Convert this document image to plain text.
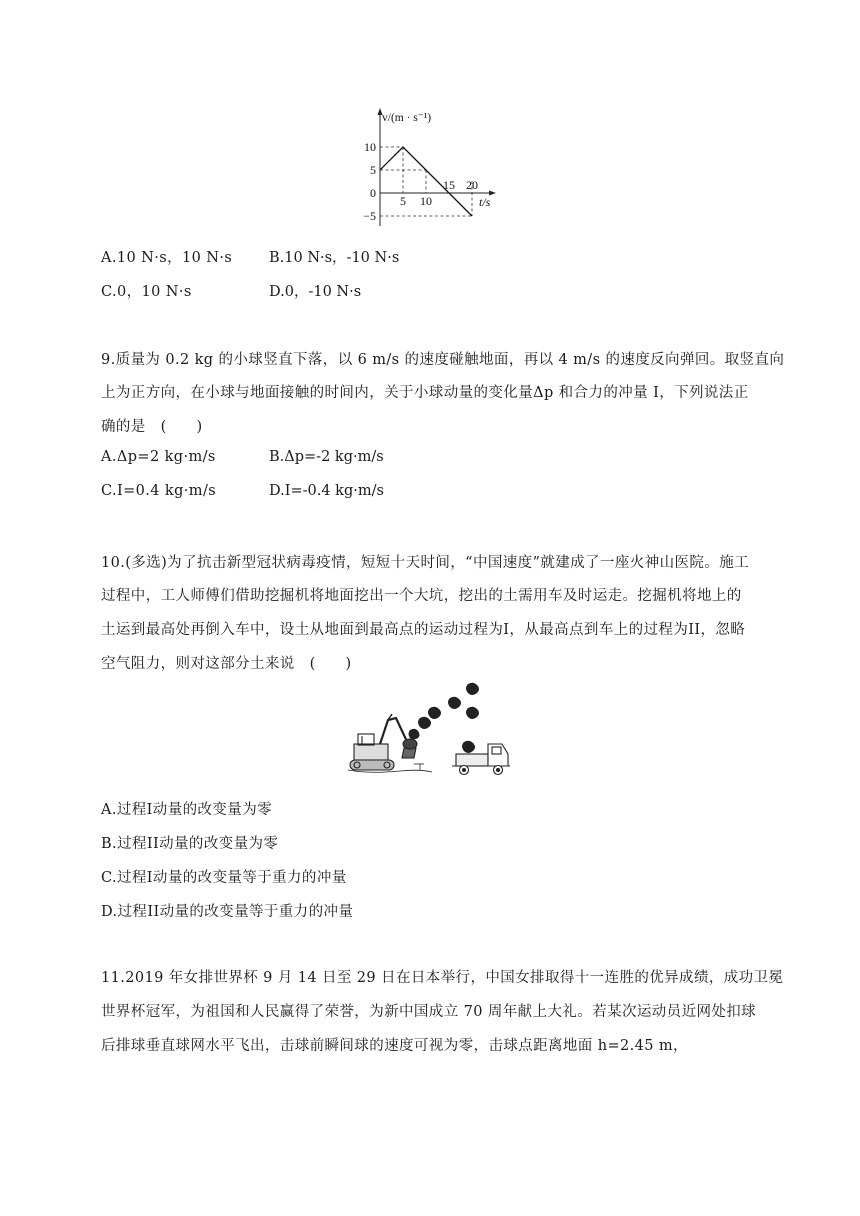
v/(m · s⁻¹)
t/s
10
5
0
−5
5 10
15 20
A.10 N·s，10 N·s	B.10 N·s，-10 N·s
C.0，10 N·s	D.0，-10 N·s
9.质量为 0.2 kg 的小球竖直下落，以 6 m/s 的速度碰触地面，再以 4 m/s 的速度反向弹回。取竖直向
上为正方向，在小球与地面接触的时间内，关于小球动量的变化量Δp 和合力的冲量 I，下列说法正
确的是　(　　)
A.Δp=2 kg·m/s	B.Δp=-2 kg·m/s
C.I=0.4 kg·m/s	D.I=-0.4 kg·m/s
10.(多选)为了抗击新型冠状病毒疫情，短短十天时间，“中国速度”就建成了一座火神山医院。施工
过程中，工人师傅们借助挖掘机将地面挖出一个大坑，挖出的土需用车及时运走。挖掘机将地上的
土运到最高处再倒入车中，设土从地面到最高点的运动过程为I，从最高点到车上的过程为II，忽略
空气阻力，则对这部分土来说　(　　)
A.过程I动量的改变量为零
B.过程II动量的改变量为零
C.过程I动量的改变量等于重力的冲量
D.过程II动量的改变量等于重力的冲量
11.2019 年女排世界杯 9 月 14 日至 29 日在日本举行，中国女排取得十一连胜的优异成绩，成功卫冕
世界杯冠军，为祖国和人民赢得了荣誉，为新中国成立 70 周年献上大礼。若某次运动员近网处扣球
后排球垂直球网水平飞出，击球前瞬间球的速度可视为零，击球点距离地面 h=2.45 m，
